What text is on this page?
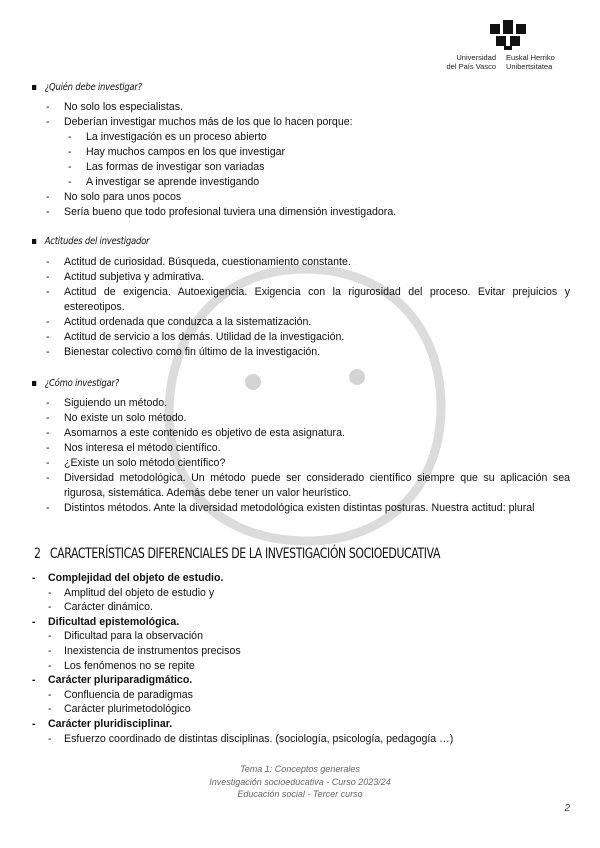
Universidad
del País Vasco
Euskal Herriko
Unibertsitatea
¿Quién debe investigar?
- No solo los especialistas.
- Deberían investigar muchos más de los que lo hacen porque:
- La investigación es un proceso abierto
- Hay muchos campos en los que investigar
- Las formas de investigar son variadas
- A investigar se aprende investigando
- No solo para unos pocos
- Sería bueno que todo profesional tuviera una dimensión investigadora.
Actitudes del investigador
- Actitud de curiosidad. Búsqueda, cuestionamiento constante.
- Actitud subjetiva y admirativa.
- Actitud de exigencia. Autoexigencia. Exigencia con la rigurosidad del proceso. Evitar prejuicios y estereotipos.
- Actitud ordenada que conduzca a la sistematización.
- Actitud de servicio a los demás. Utilidad de la investigación.
- Bienestar colectivo como fin último de la investigación.
¿Cómo investigar?
- Siguiendo un método.
- No existe un solo método.
- Asomarnos a este contenido es objetivo de esta asignatura.
- Nos interesa el método científico.
- ¿Existe un solo método científico?
- Diversidad metodológica. Un método puede ser considerado científico siempre que su aplicación sea rigurosa, sistemática. Además debe tener un valor heurístico.
- Distintos métodos. Ante la diversidad metodológica existen distintas posturas. Nuestra actitud: plural
2 CARACTERÍSTICAS DIFERENCIALES DE LA INVESTIGACIÓN SOCIOEDUCATIVA
- Complejidad del objeto de estudio.
- Amplitud del objeto de estudio y
- Carácter dinámico.
- Dificultad epistemológica.
- Dificultad para la observación
- Inexistencia de instrumentos precisos
- Los fenómenos no se repite
- Carácter pluriparadigmático.
- Confluencia de paradigmas
- Carácter plurimetodológico
- Carácter pluridisciplinar.
- Esfuerzo coordinado de distintas disciplinas. (sociología, psicología, pedagogía …)
Tema 1: Conceptos generales
Investigación socioeducativa - Curso 2023/24
Educación social - Tercer curso
2
